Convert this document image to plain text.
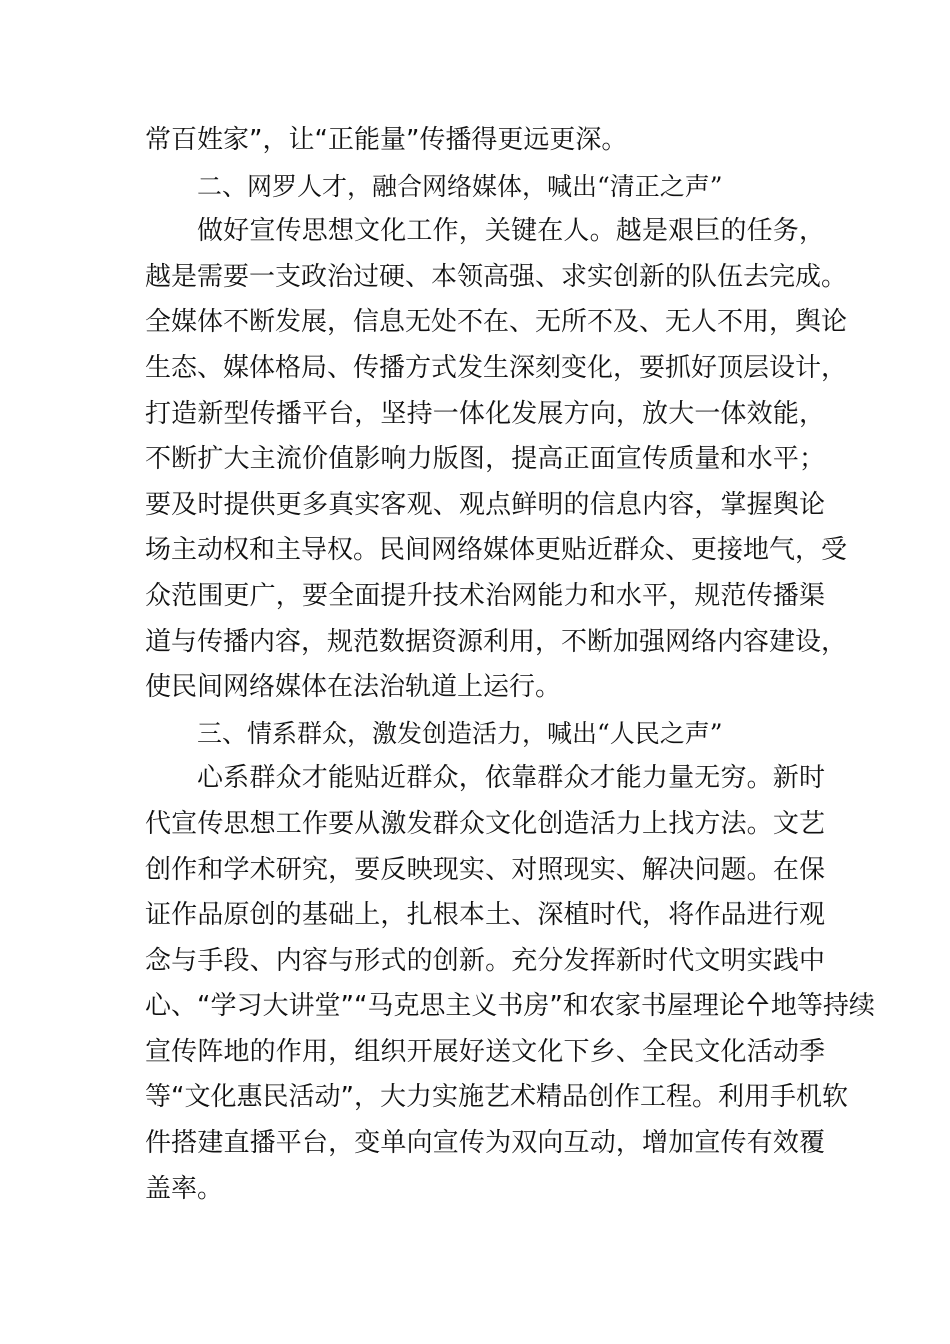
常百姓家”，让“正能量”传播得更远更深。
二、网罗人才，融合网络媒体，喊出“清正之声”
做好宣传思想文化工作，关键在人。越是艰巨的任务，
越是需要一支政治过硬、本领高强、求实创新的队伍去完成。
全媒体不断发展，信息无处不在、无所不及、无人不用，舆论
生态、媒体格局、传播方式发生深刻变化，要抓好顶层设计，
打造新型传播平台，坚持一体化发展方向，放大一体效能，
不断扩大主流价值影响力版图，提高正面宣传质量和水平；
要及时提供更多真实客观、观点鲜明的信息内容，掌握舆论
场主动权和主导权。民间网络媒体更贴近群众、更接地气，受
众范围更广，要全面提升技术治网能力和水平，规范传播渠
道与传播内容，规范数据资源利用，不断加强网络内容建设，
使民间网络媒体在法治轨道上运行。
三、情系群众，激发创造活力，喊出“人民之声”
心系群众才能贴近群众，依靠群众才能力量无穷。新时
代宣传思想工作要从激发群众文化创造活力上找方法。文艺
创作和学术研究，要反映现实、对照现实、解决问题。在保
证作品原创的基础上，扎根本土、深植时代，将作品进行观
念与手段、内容与形式的创新。充分发挥新时代文明实践中
心、“学习大讲堂”“马克思主义书房”和农家书屋理论㐃地等持续
宣传阵地的作用，组织开展好送文化下乡、全民文化活动季
等“文化惠民活动”，大力实施艺术精品创作工程。利用手机软
件搭建直播平台，变单向宣传为双向互动，增加宣传有效覆
盖率。
